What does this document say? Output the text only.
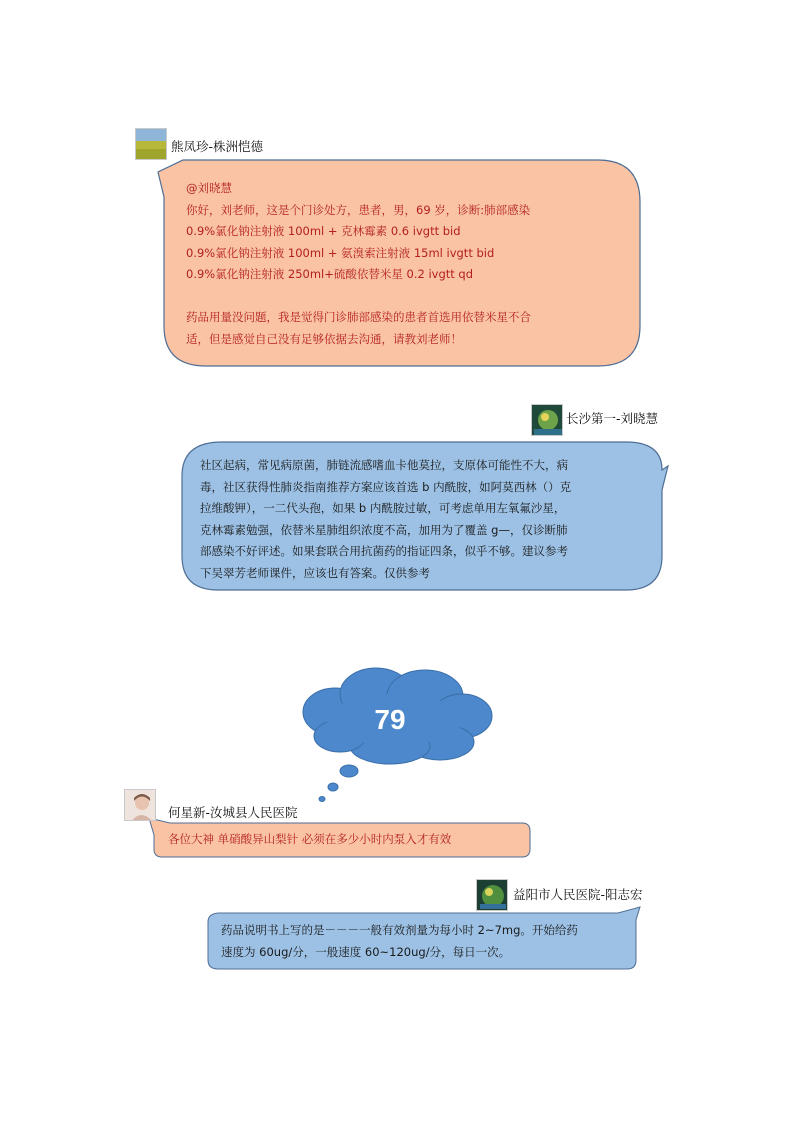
熊凤珍-株洲恺德
@刘晓慧
你好，刘老师，这是个门诊处方，患者，男，69 岁，诊断:肺部感染
0.9%氯化钠注射液 100ml + 克林霉素 0.6 ivgtt bid
0.9%氯化钠注射液 100ml + 氨溴索注射液 15ml ivgtt bid
0.9%氯化钠注射液 250ml+硫酸依替米星 0.2 ivgtt qd
药品用量没问题，我是觉得门诊肺部感染的患者首选用依替米星不合
适，但是感觉自己没有足够依据去沟通，请教刘老师！
长沙第一-刘晓慧
社区起病，常见病原菌，肺链流感嗜血卡他莫拉，支原体可能性不大，病
毒，社区获得性肺炎指南推荐方案应该首选 b 内酰胺，如阿莫西林（）克
拉维酸钾），一二代头孢，如果 b 内酰胺过敏，可考虑单用左氧氟沙星，
克林霉素勉强，依替米星肺组织浓度不高，加用为了覆盖 g—，仅诊断肺
部感染不好评述。如果套联合用抗菌药的指证四条，似乎不够。建议参考
下吴翠芳老师课件，应该也有答案。仅供参考
79
何星新-汝城县人民医院
各位大神 单硝酸异山梨针 必须在多少小时内泵入才有效
益阳市人民医院-阳志宏
药品说明书上写的是－－－一般有效剂量为每小时 2~7mg。开始给药
速度为 60ug/分，一般速度 60~120ug/分，每日一次。
